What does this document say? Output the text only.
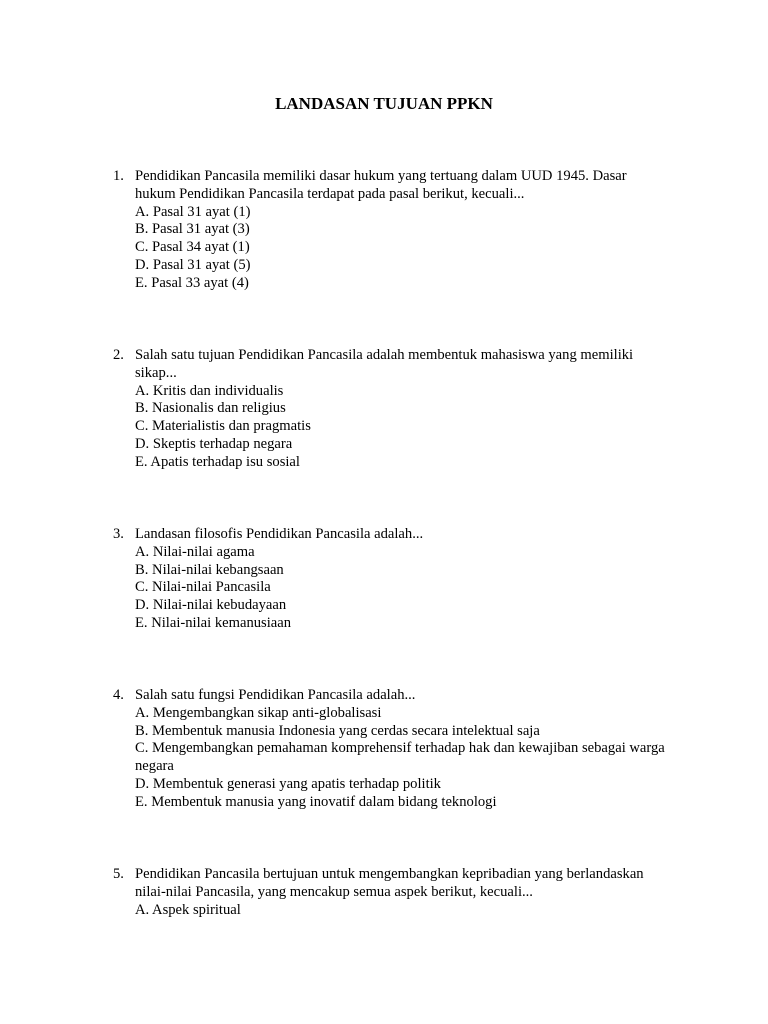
LANDASAN TUJUAN PPKN
1. Pendidikan Pancasila memiliki dasar hukum yang tertuang dalam UUD 1945. Dasar hukum Pendidikan Pancasila terdapat pada pasal berikut, kecuali...
A. Pasal 31 ayat (1)
B. Pasal 31 ayat (3)
C. Pasal 34 ayat (1)
D. Pasal 31 ayat (5)
E. Pasal 33 ayat (4)
2. Salah satu tujuan Pendidikan Pancasila adalah membentuk mahasiswa yang memiliki sikap...
A. Kritis dan individualis
B. Nasionalis dan religius
C. Materialistis dan pragmatis
D. Skeptis terhadap negara
E. Apatis terhadap isu sosial
3. Landasan filosofis Pendidikan Pancasila adalah...
A. Nilai-nilai agama
B. Nilai-nilai kebangsaan
C. Nilai-nilai Pancasila
D. Nilai-nilai kebudayaan
E. Nilai-nilai kemanusiaan
4. Salah satu fungsi Pendidikan Pancasila adalah...
A. Mengembangkan sikap anti-globalisasi
B. Membentuk manusia Indonesia yang cerdas secara intelektual saja
C. Mengembangkan pemahaman komprehensif terhadap hak dan kewajiban sebagai warga negara
D. Membentuk generasi yang apatis terhadap politik
E. Membentuk manusia yang inovatif dalam bidang teknologi
5. Pendidikan Pancasila bertujuan untuk mengembangkan kepribadian yang berlandaskan nilai-nilai Pancasila, yang mencakup semua aspek berikut, kecuali...
A. Aspek spiritual
